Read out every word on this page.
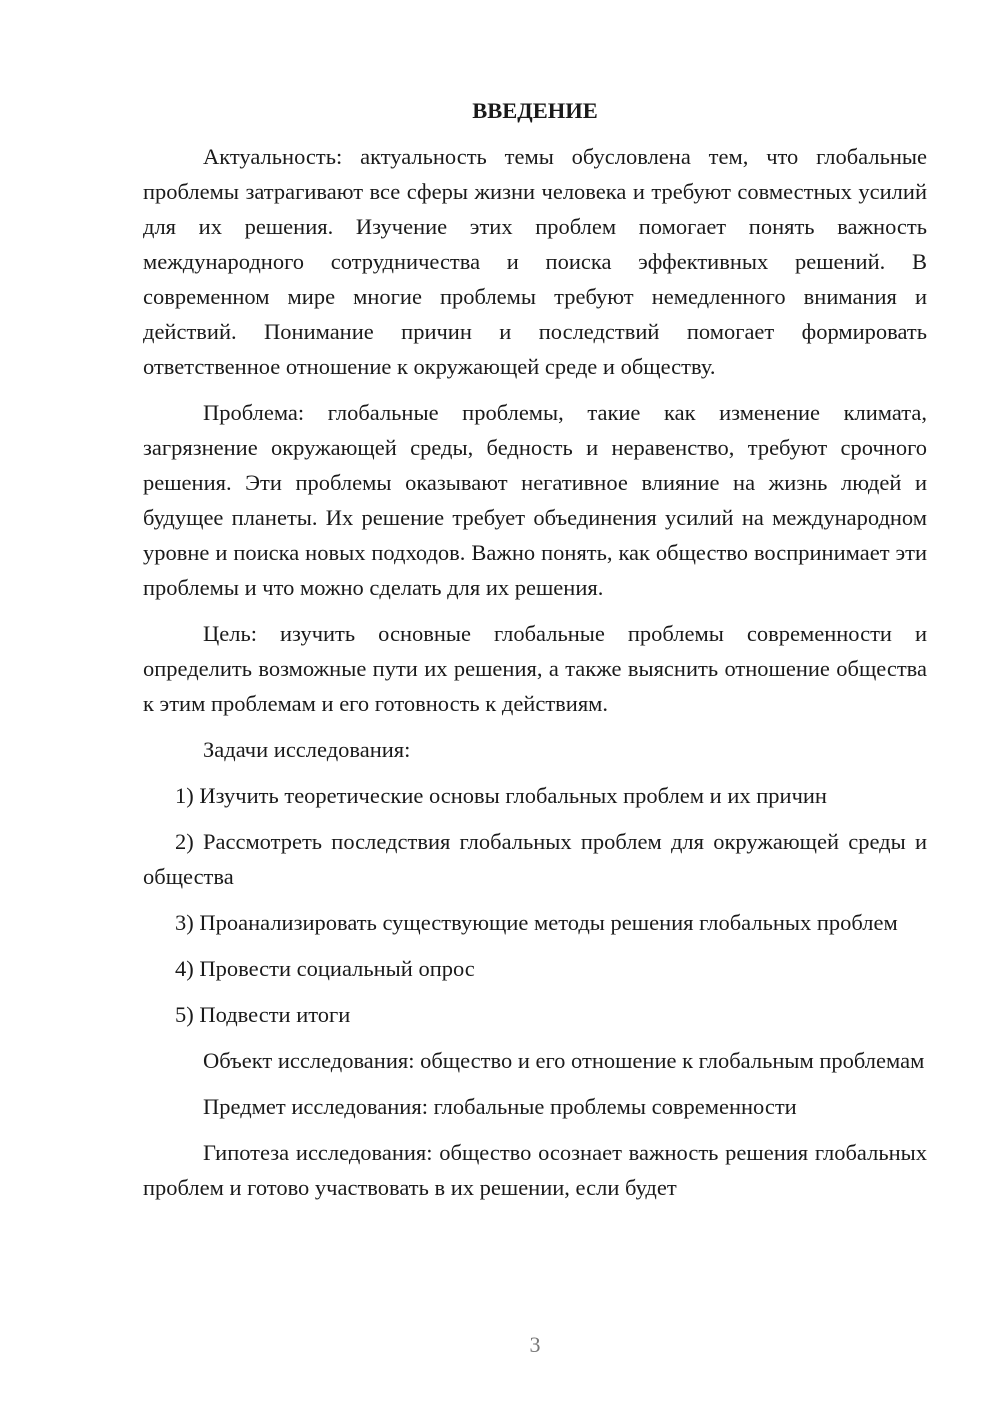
ВВЕДЕНИЕ

Актуальность: актуальность темы обусловлена тем, что глобальные проблемы затрагивают все сферы жизни человека и требуют совместных усилий для их решения. Изучение этих проблем помогает понять важность международного сотрудничества и поиска эффективных решений. В современном мире многие проблемы требуют немедленного внимания и действий. Понимание причин и последствий помогает формировать ответственное отношение к окружающей среде и обществу.

Проблема: глобальные проблемы, такие как изменение климата, загрязнение окружающей среды, бедность и неравенство, требуют срочного решения. Эти проблемы оказывают негативное влияние на жизнь людей и будущее планеты. Их решение требует объединения усилий на международном уровне и поиска новых подходов. Важно понять, как общество воспринимает эти проблемы и что можно сделать для их решения.

Цель: изучить основные глобальные проблемы современности и определить возможные пути их решения, а также выяснить отношение общества к этим проблемам и его готовность к действиям.

Задачи исследования:

1) Изучить теоретические основы глобальных проблем и их причин

2) Рассмотреть последствия глобальных проблем для окружающей среды и общества

3) Проанализировать существующие методы решения глобальных проблем

4) Провести социальный опрос

5) Подвести итоги

Объект исследования: общество и его отношение к глобальным проблемам

Предмет исследования: глобальные проблемы современности

Гипотеза исследования: общество осознает важность решения глобальных проблем и готово участвовать в их решении, если будет

3
